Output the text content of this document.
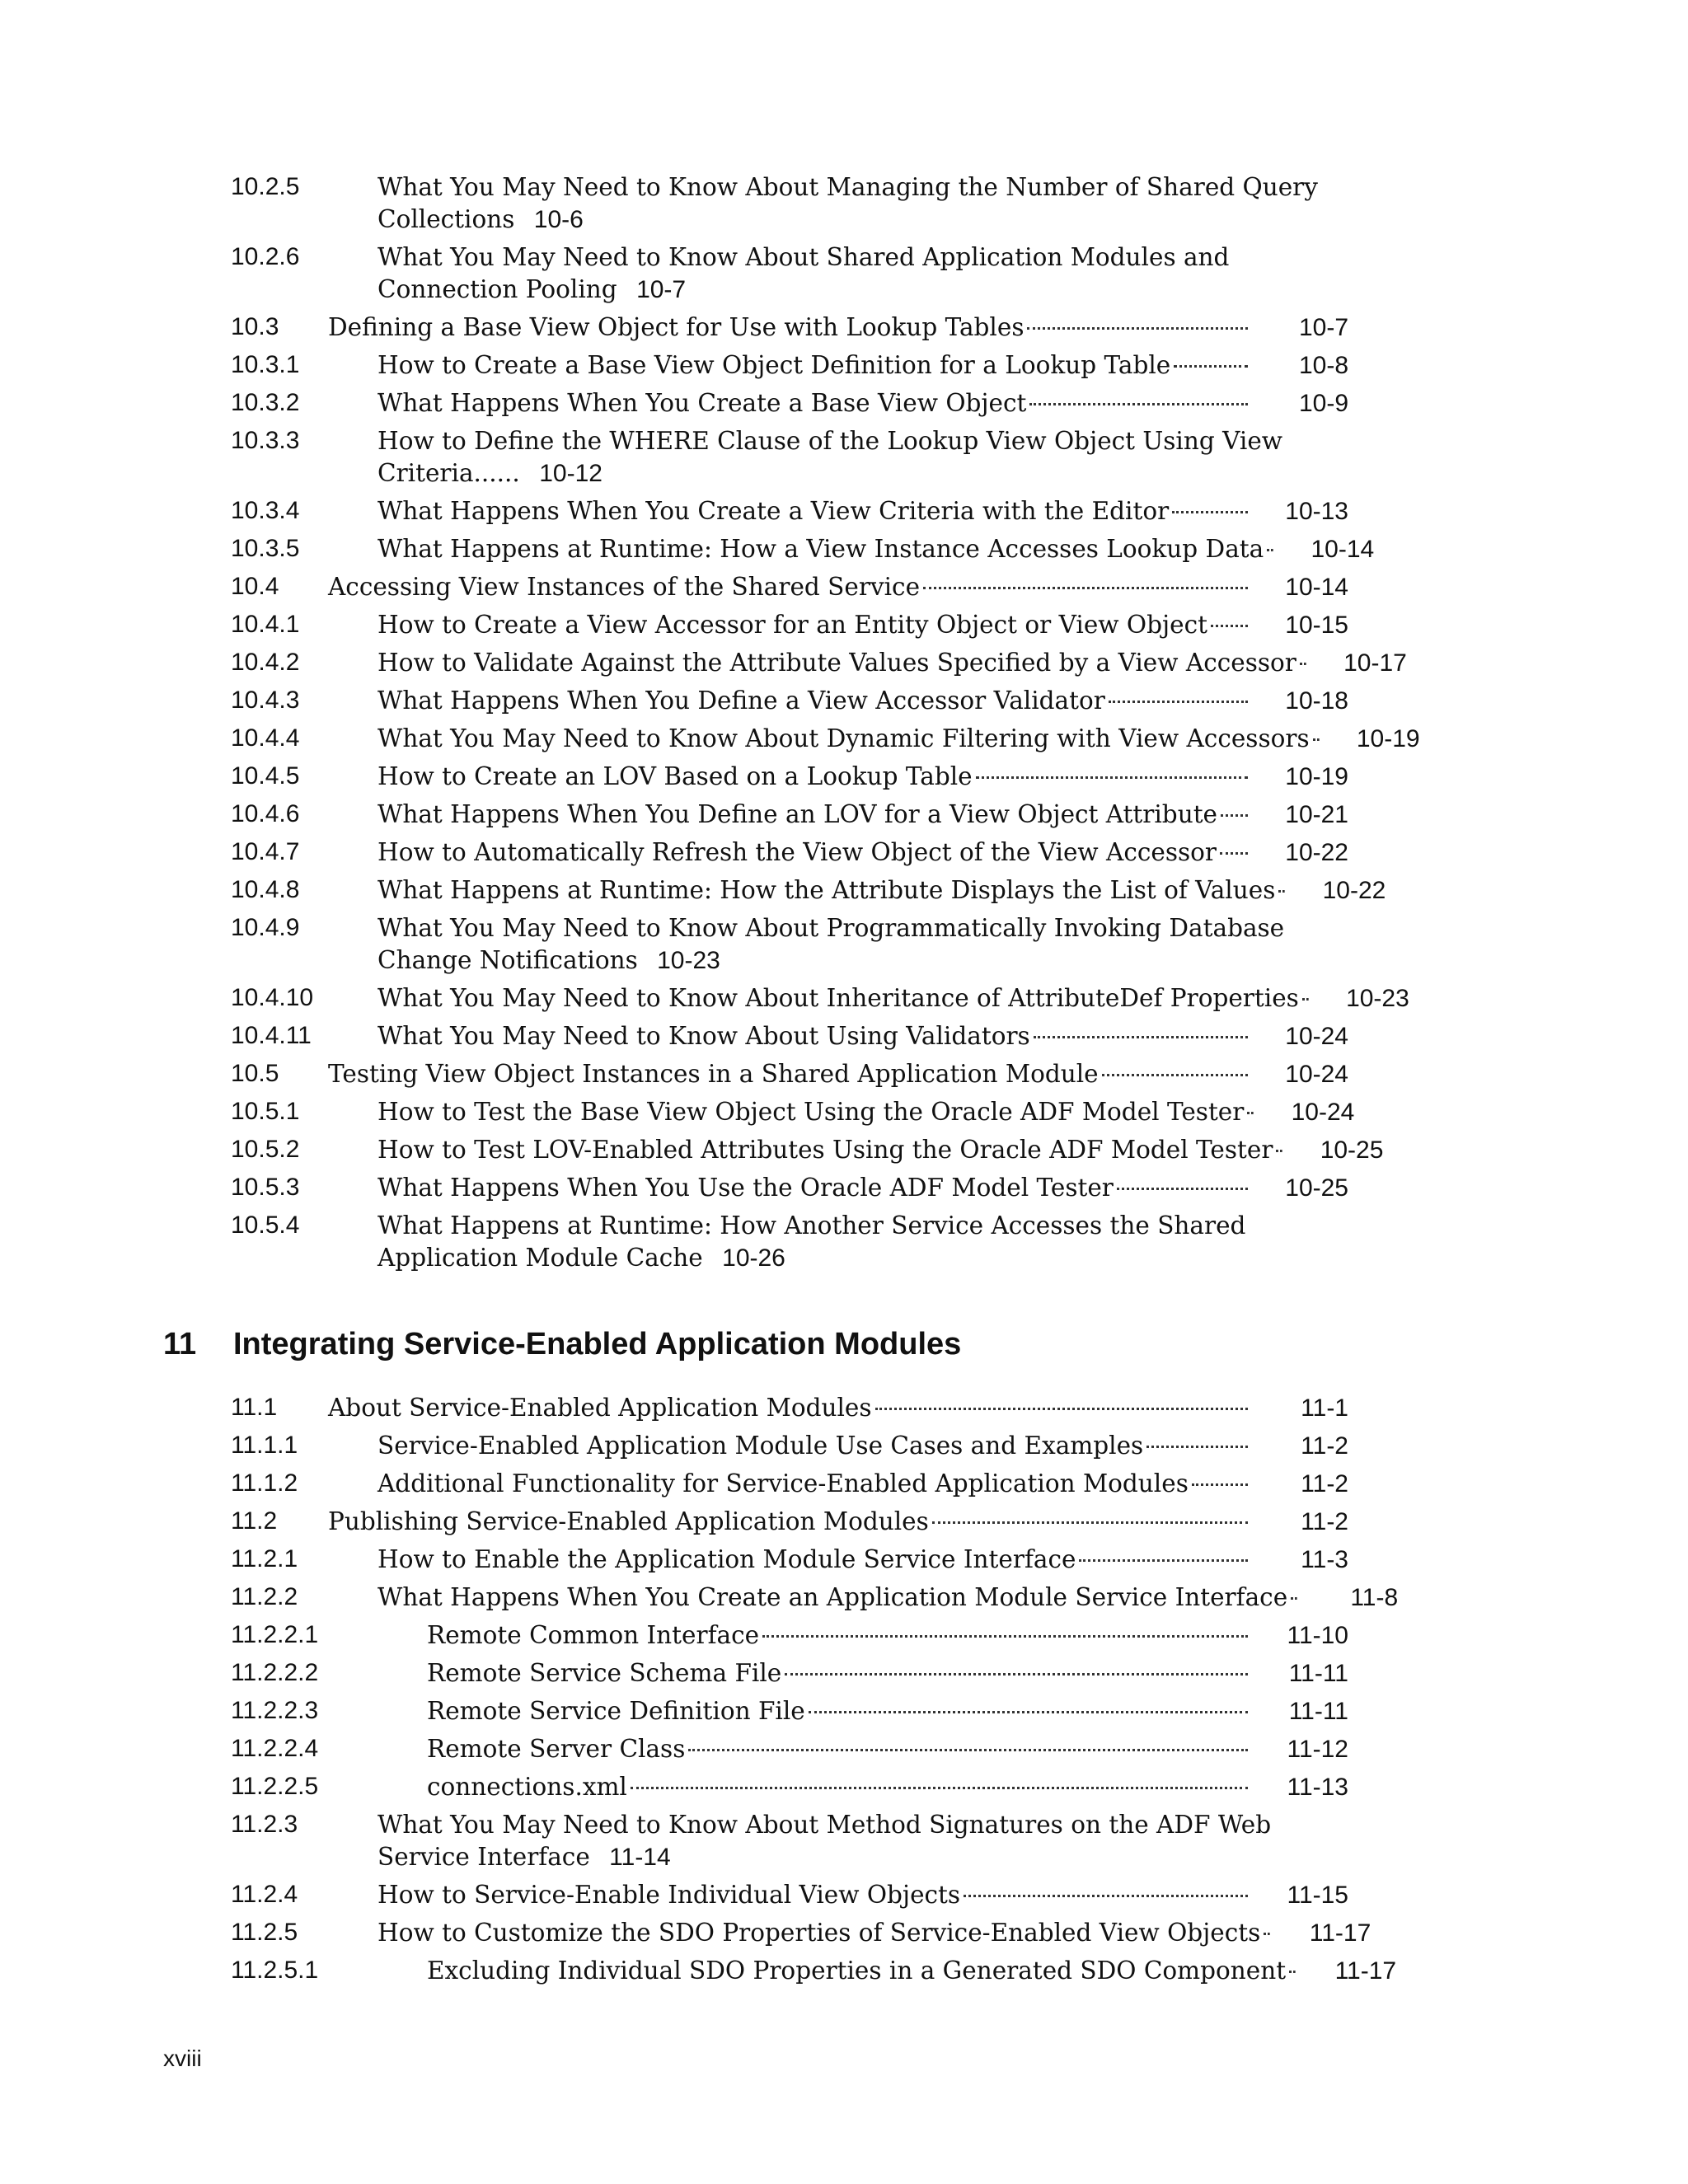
10.2.5	What You May Need to Know About Managing the Number of Shared Query Collections 10-6
10.2.6	What You May Need to Know About Shared Application Modules and Connection Pooling 10-7
10.3 Defining a Base View Object for Use with Lookup Tables	10-7
10.3.1	How to Create a Base View Object Definition for a Lookup Table	10-8
10.3.2	What Happens When You Create a Base View Object	10-9
10.3.3	How to Define the WHERE Clause of the Lookup View Object Using View Criteria...... 10-12
10.3.4	What Happens When You Create a View Criteria with the Editor	10-13
10.3.5	What Happens at Runtime: How a View Instance Accesses Lookup Data	10-14
10.4 Accessing View Instances of the Shared Service	10-14
10.4.1	How to Create a View Accessor for an Entity Object or View Object	10-15
10.4.2	How to Validate Against the Attribute Values Specified by a View Accessor	10-17
10.4.3	What Happens When You Define a View Accessor Validator	10-18
10.4.4	What You May Need to Know About Dynamic Filtering with View Accessors	10-19
10.4.5	How to Create an LOV Based on a Lookup Table	10-19
10.4.6	What Happens When You Define an LOV for a View Object Attribute	10-21
10.4.7	How to Automatically Refresh the View Object of the View Accessor	10-22
10.4.8	What Happens at Runtime: How the Attribute Displays the List of Values	10-22
10.4.9	What You May Need to Know About Programmatically Invoking Database Change Notifications 10-23
10.4.10	What You May Need to Know About Inheritance of AttributeDef Properties	10-23
10.4.11	What You May Need to Know About Using Validators	10-24
10.5 Testing View Object Instances in a Shared Application Module	10-24
10.5.1	How to Test the Base View Object Using the Oracle ADF Model Tester	10-24
10.5.2	How to Test LOV-Enabled Attributes Using the Oracle ADF Model Tester	10-25
10.5.3	What Happens When You Use the Oracle ADF Model Tester	10-25
10.5.4	What Happens at Runtime: How Another Service Accesses the Shared Application Module Cache 10-26
11 Integrating Service-Enabled Application Modules
11.1 About Service-Enabled Application Modules	11-1
11.1.1	Service-Enabled Application Module Use Cases and Examples	11-2
11.1.2	Additional Functionality for Service-Enabled Application Modules	11-2
11.2 Publishing Service-Enabled Application Modules	11-2
11.2.1	How to Enable the Application Module Service Interface	11-3
11.2.2	What Happens When You Create an Application Module Service Interface	11-8
11.2.2.1	Remote Common Interface	11-10
11.2.2.2	Remote Service Schema File	11-11
11.2.2.3	Remote Service Definition File	11-11
11.2.2.4	Remote Server Class	11-12
11.2.2.5	connections.xml	11-13
11.2.3	What You May Need to Know About Method Signatures on the ADF Web Service Interface 11-14
11.2.4	How to Service-Enable Individual View Objects	11-15
11.2.5	How to Customize the SDO Properties of Service-Enabled View Objects	11-17
11.2.5.1	Excluding Individual SDO Properties in a Generated SDO Component	11-17
xviii
